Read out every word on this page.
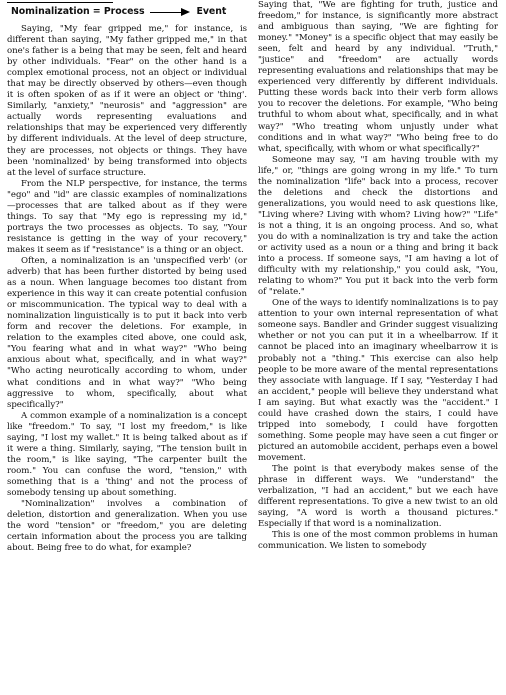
Nominalization = Process	Event

Saying, "My fear gripped me," for instance, is different than saying, "My father gripped me," in that one's father is a being that may be seen, felt and heard by other individuals. "Fear" on the other hand is a complex emotional process, not an object or individual that may be directly observed by others—even though it is often spoken of as if it were an object or 'thing'. Similarly, "anxiety," "neurosis" and "aggression" are actually words representing evaluations and relationships that may be experienced very differently by different individuals. At the level of deep structure, they are processes, not objects or things. They have been 'nominalized' by being transformed into objects at the level of surface structure.

From the NLP perspective, for instance, the terms "ego" and "id" are classic examples of nominalizations—processes that are talked about as if they were things. To say that "My ego is repressing my id," portrays the two processes as objects. To say, "Your resistance is getting in the way of your recovery," makes it seem as if "resistance" is a thing or an object.

Often, a nominalization is an 'unspecified verb' (or adverb) that has been further distorted by being used as a noun. When language becomes too distant from experience in this way it can create potential confusion or miscommunication. The typical way to deal with a nominalization linguistically is to put it back into verb form and recover the deletions. For example, in relation to the examples cited above, one could ask, "You fearing what and in what way?" "Who being anxious about what, specifically, and in what way?" "Who acting neurotically according to whom, under what conditions and in what way?" "Who being aggressive to whom, specifically, about what specifically?"

A common example of a nominalization is a concept like "freedom." To say, "I lost my freedom," is like saying, "I lost my wallet." It is being talked about as if it were a thing. Similarly, saying, "The tension built in the room," is like saying, "The carpenter built the room." You can confuse the word, "tension," with something that is a 'thing' and not the process of somebody tensing up about something.

"Nominalization" involves a combination of deletion, distortion and generalization. When you use the word "tension" or "freedom," you are deleting certain information about the process you are talking about. Being free to do what, for example?

Saying that, "We are fighting for truth, justice and freedom," for instance, is significantly more abstract and ambiguous than saying, "We are fighting for money." "Money" is a specific object that may easily be seen, felt and heard by any individual. "Truth," "justice" and "freedom" are actually words representing evaluations and relationships that may be experienced very differently by different individuals. Putting these words back into their verb form allows you to recover the deletions. For example, "Who being truthful to whom about what, specifically, and in what way?" "Who treating whom unjustly under what conditions and in what way?" "Who being free to do what, specifically, with whom or what specifically?"

Someone may say, "I am having trouble with my life," or, "things are going wrong in my life." To turn the nominalization "life" back into a process, recover the deletions and check the distortions and generalizations, you would need to ask questions like, "Living where? Living with whom? Living how?" "Life" is not a thing, it is an ongoing process. And so, what you do with a nominalization is try and take the action or activity used as a noun or a thing and bring it back into a process. If someone says, "I am having a lot of difficulty with my relationship," you could ask, "You, relating to whom?" You put it back into the verb form of "relate."

One of the ways to identify nominalizations is to pay attention to your own internal representation of what someone says. Bandler and Grinder suggest visualizing whether or not you can put it in a wheelbarrow. If it cannot be placed into an imaginary wheelbarrow it is probably not a "thing." This exercise can also help people to be more aware of the mental representations they associate with language. If I say, "Yesterday I had an accident," people will believe they understand what I am saying. But what exactly was the "accident." I could have crashed down the stairs, I could have tripped into somebody, I could have forgotten something. Some people may have seen a cut finger or pictured an automobile accident, perhaps even a bowel movement.

The point is that everybody makes sense of the phrase in different ways. We "understand" the verbalization, "I had an accident," but we each have different representations. To give a new twist to an old saying, "A word is worth a thousand pictures." Especially if that word is a nominalization.

This is one of the most common problems in human communication. We listen to somebody
